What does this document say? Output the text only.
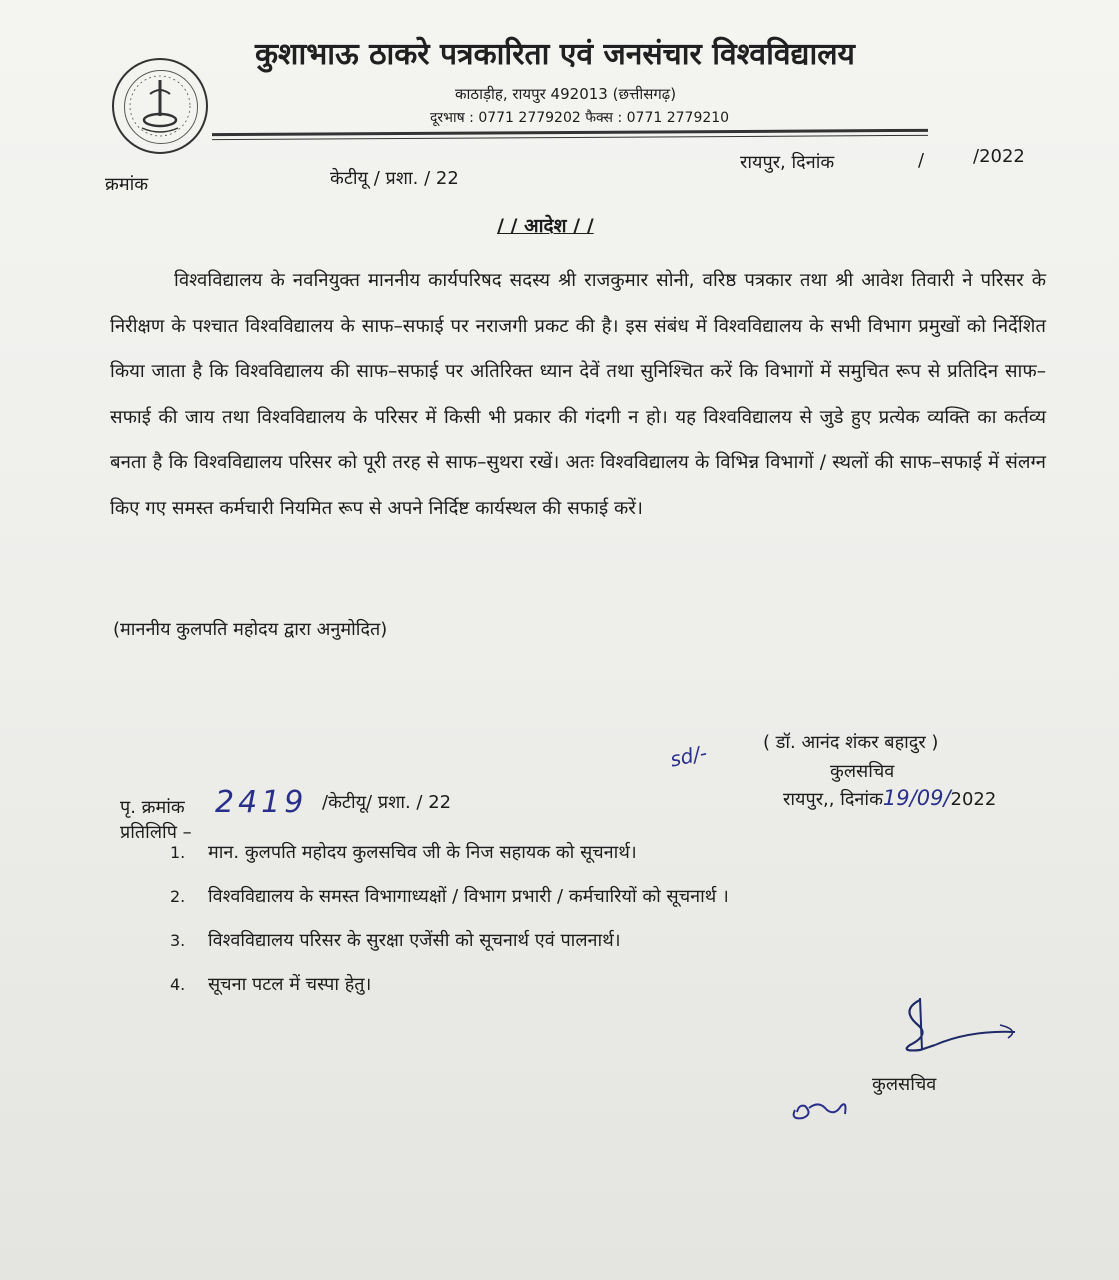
कुशाभाऊ ठाकरे पत्रकारिता एवं जनसंचार विश्वविद्यालय
काठाड़ीह, रायपुर 492013 (छत्तीसगढ़)
दूरभाष : 0771 2779202 फैक्स : 0771 2779210
क्रमांक	केटीयू / प्रशा. / 22
रायपुर, दिनांक	/	/2022
/ / आदेश / /
विश्वविद्यालय के नवनियुक्त माननीय कार्यपरिषद सदस्य श्री राजकुमार सोनी, वरिष्ठ पत्रकार तथा श्री आवेश तिवारी ने परिसर के निरीक्षण के पश्चात विश्वविद्यालय के साफ–सफाई पर नराजगी प्रकट की है। इस संबंध में विश्वविद्यालय के सभी विभाग प्रमुखों को निर्देशित किया जाता है कि विश्वविद्यालय की साफ–सफाई पर अतिरिक्त ध्यान देवें तथा सुनिश्चित करें कि विभागों में समुचित रूप से प्रतिदिन साफ–सफाई की जाय तथा विश्वविद्यालय के परिसर में किसी भी प्रकार की गंदगी न हो। यह विश्वविद्यालय से जुडे हुए प्रत्येक व्यक्ति का कर्तव्य बनता है कि विश्वविद्यालय परिसर को पूरी तरह से साफ–सुथरा रखें। अतः विश्वविद्यालय के विभिन्न विभागों / स्थलों की साफ–सफाई में संलग्न किए गए समस्त कर्मचारी नियमित रूप से अपने निर्दिष्ट कार्यस्थल की सफाई करें।
(माननीय कुलपति महोदय द्वारा अनुमोदित)
sd/-	( डॉ. आनंद शंकर बहादुर )
कुलसचिव
रायपुर,, दिनांक19/09/2022
पृ. क्रमांक 2419 /केटीयू/ प्रशा. / 22
प्रतिलिपि –
1. मान. कुलपति महोदय कुलसचिव जी के निज सहायक को सूचनार्थ।
2. विश्वविद्यालय के समस्त विभागाध्यक्षों / विभाग प्रभारी / कर्मचारियों को सूचनार्थ ।
3. विश्वविद्यालय परिसर के सुरक्षा एजेंसी को सूचनार्थ एवं पालनार्थ।
4. सूचना पटल में चस्पा हेतु।
कुलसचिव
